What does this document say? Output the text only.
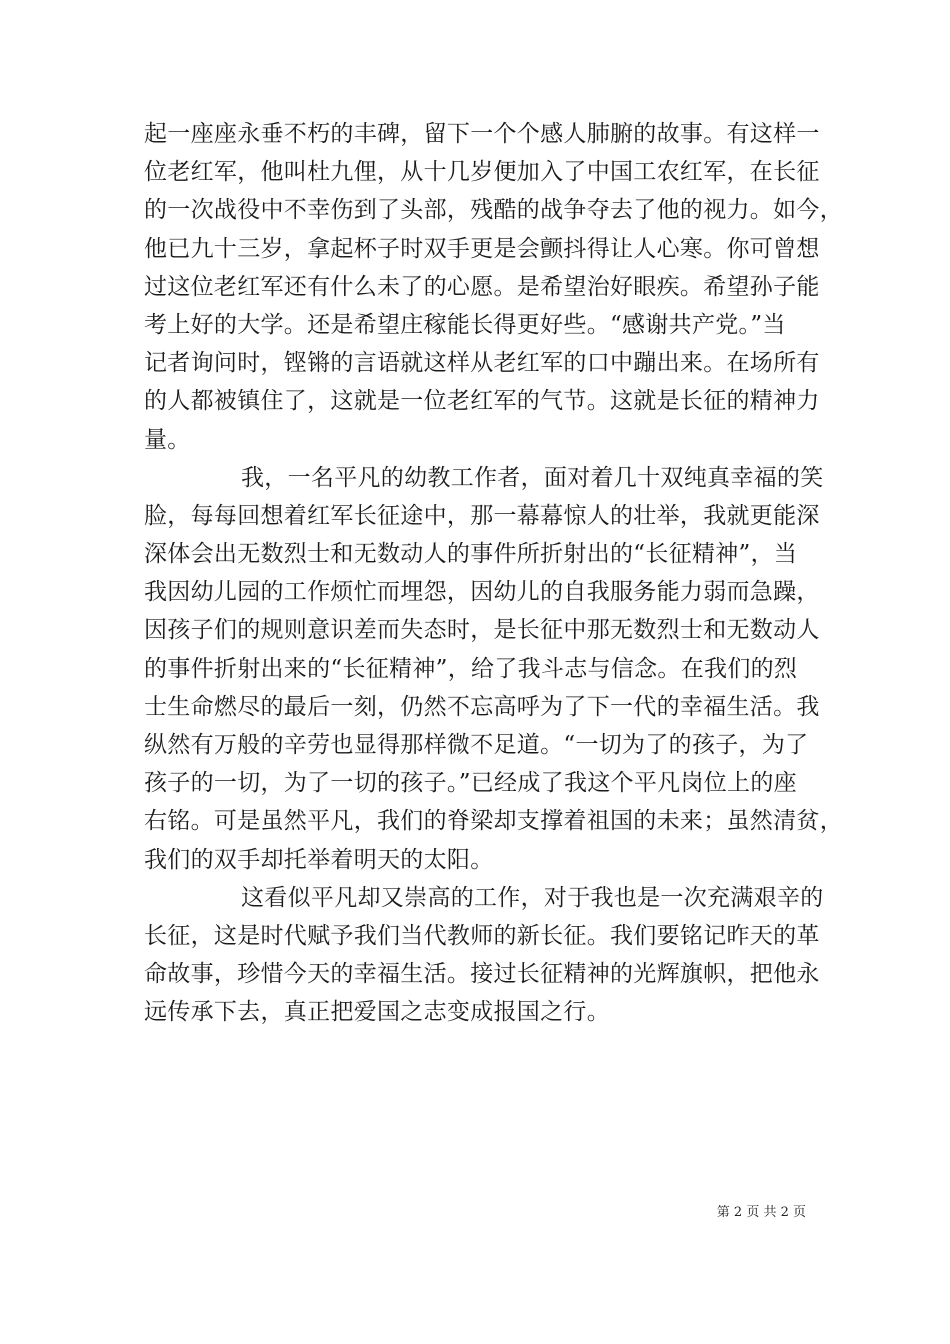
起一座座永垂不朽的丰碑，留下一个个感人肺腑的故事。有这样一
位老红军，他叫杜九俚，从十几岁便加入了中国工农红军，在长征
的一次战役中不幸伤到了头部，残酷的战争夺去了他的视力。如今，
他已九十三岁，拿起杯子时双手更是会颤抖得让人心寒。你可曾想
过这位老红军还有什么未了的心愿。是希望治好眼疾。希望孙子能
考上好的大学。还是希望庄稼能长得更好些。“感谢共产党。”当
记者询问时，铿锵的言语就这样从老红军的口中蹦出来。在场所有
的人都被镇住了，这就是一位老红军的气节。这就是长征的精神力
量。
我，一名平凡的幼教工作者，面对着几十双纯真幸福的笑
脸，每每回想着红军长征途中，那一幕幕惊人的壮举，我就更能深
深体会出无数烈士和无数动人的事件所折射出的“长征精神”，当
我因幼儿园的工作烦忙而埋怨，因幼儿的自我服务能力弱而急躁，
因孩子们的规则意识差而失态时，是长征中那无数烈士和无数动人
的事件折射出来的“长征精神”，给了我斗志与信念。在我们的烈
士生命燃尽的最后一刻，仍然不忘高呼为了下一代的幸福生活。我
纵然有万般的辛劳也显得那样微不足道。“一切为了的孩子，为了
孩子的一切，为了一切的孩子。”已经成了我这个平凡岗位上的座
右铭。可是虽然平凡，我们的脊梁却支撑着祖国的未来；虽然清贫，
我们的双手却托举着明天的太阳。
这看似平凡却又崇高的工作，对于我也是一次充满艰辛的
长征，这是时代赋予我们当代教师的新长征。我们要铭记昨天的革
命故事，珍惜今天的幸福生活。接过长征精神的光辉旗帜，把他永
远传承下去，真正把爱国之志变成报国之行。
第 2 页 共 2 页
